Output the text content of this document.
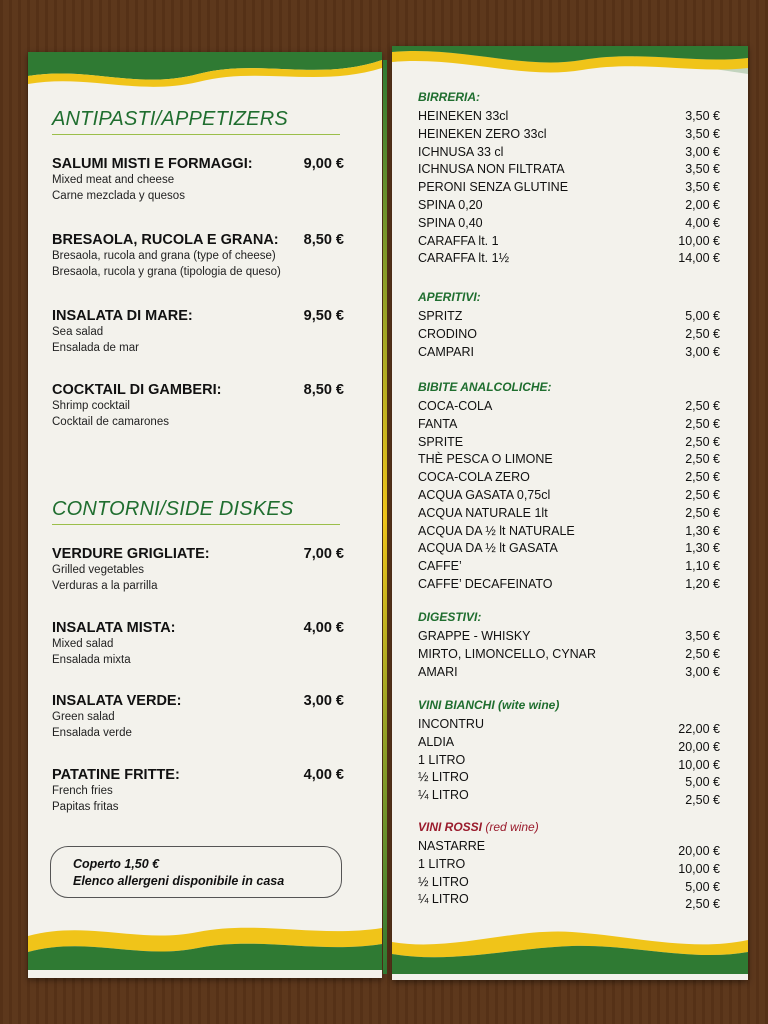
ANTIPASTI/APPETIZERS
SALUMI MISTI E FORMAGGI:	9,00 €
Mixed meat and cheese
Carne mezclada y quesos
BRESAOLA, RUCOLA E GRANA:	8,50 €
Bresaola, rucola and grana (type of cheese)
Bresaola, rucola y grana (tipologia de queso)
INSALATA DI MARE:	9,50 €
Sea salad
Ensalada de mar
COCKTAIL DI GAMBERI:	8,50 €
Shrimp cocktail
Cocktail de camarones
CONTORNI/SIDE DISKES
VERDURE GRIGLIATE:	7,00 €
Grilled vegetables
Verduras a la parrilla
INSALATA MISTA:	4,00 €
Mixed salad
Ensalada mixta
INSALATA VERDE:	3,00 €
Green salad
Ensalada verde
PATATINE FRITTE:	4,00 €
French fries
Papitas fritas
Coperto 1,50 €
Elenco allergeni disponibile in casa
BIRRERIA:
HEINEKEN 33cl	3,50 €
HEINEKEN ZERO 33cl	3,50 €
ICHNUSA 33 cl	3,00 €
ICHNUSA NON FILTRATA	3,50 €
PERONI SENZA GLUTINE	3,50 €
SPINA 0,20	2,00 €
SPINA 0,40	4,00 €
CARAFFA lt. 1	10,00 €
CARAFFA lt. 1½	14,00 €
APERITIVI:
SPRITZ	5,00 €
CRODINO	2,50 €
CAMPARI	3,00 €
BIBITE ANALCOLICHE:
COCA-COLA	2,50 €
FANTA	2,50 €
SPRITE	2,50 €
THÈ PESCA O LIMONE	2,50 €
COCA-COLA ZERO	2,50 €
ACQUA GASATA 0,75cl	2,50 €
ACQUA NATURALE 1lt	2,50 €
ACQUA DA ½ lt NATURALE	1,30 €
ACQUA DA ½ lt GASATA	1,30 €
CAFFE’	1,10 €
CAFFE’ DECAFEINATO	1,20 €
DIGESTIVI:
GRAPPE - WHISKY	3,50 €
MIRTO, LIMONCELLO, CYNAR	2,50 €
AMARI	3,00 €
VINI BIANCHI (wite wine)
INCONTRU	22,00 €
ALDIA	20,00 €
1 LITRO	10,00 €
½ LITRO	5,00 €
¼ LITRO	2,50 €
VINI ROSSI (red wine)
NASTARRE	20,00 €
1 LITRO	10,00 €
½ LITRO	5,00 €
¼ LITRO	2,50 €
